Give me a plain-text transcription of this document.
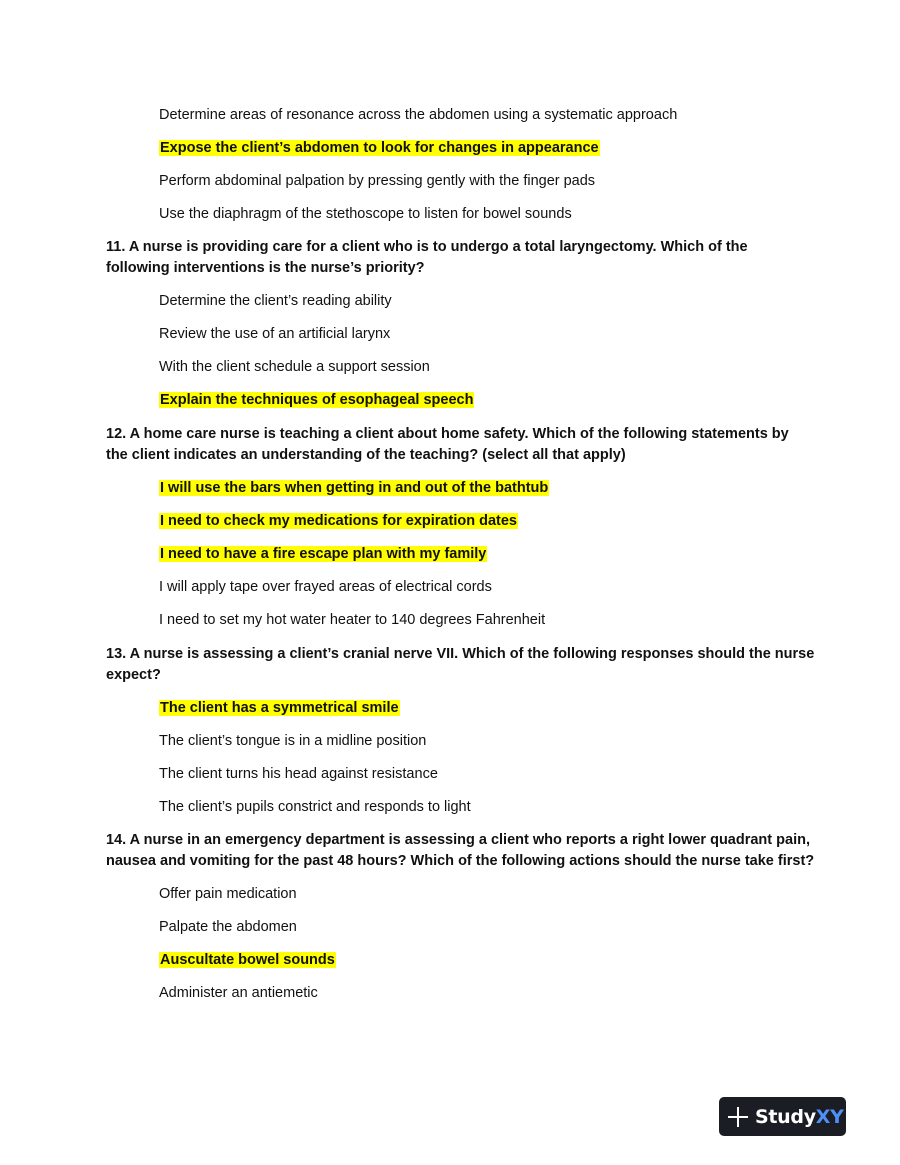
Determine areas of resonance across the abdomen using a systematic approach
Expose the client’s abdomen to look for changes in appearance
Perform abdominal palpation by pressing gently with the finger pads
Use the diaphragm of the stethoscope to listen for bowel sounds
11. A nurse is providing care for a client who is to undergo a total laryngectomy. Which of the
following interventions is the nurse’s priority?
Determine the client’s reading ability
Review the use of an artificial larynx
With the client schedule a support session
Explain the techniques of esophageal speech
12. A home care nurse is teaching a client about home safety. Which of the following statements by
the client indicates an understanding of the teaching? (select all that apply)
I will use the bars when getting in and out of the bathtub
I need to check my medications for expiration dates
I need to have a fire escape plan with my family
I will apply tape over frayed areas of electrical cords
I need to set my hot water heater to 140 degrees Fahrenheit
13. A nurse is assessing a client’s cranial nerve VII. Which of the following responses should the nurse
expect?
The client has a symmetrical smile
The client’s tongue is in a midline position
The client turns his head against resistance
The client’s pupils constrict and responds to light
14. A nurse in an emergency department is assessing a client who reports a right lower quadrant pain,
nausea and vomiting for the past 48 hours? Which of the following actions should the nurse take first?
Offer pain medication
Palpate the abdomen
Auscultate bowel sounds
Administer an antiemetic
StudyXY
